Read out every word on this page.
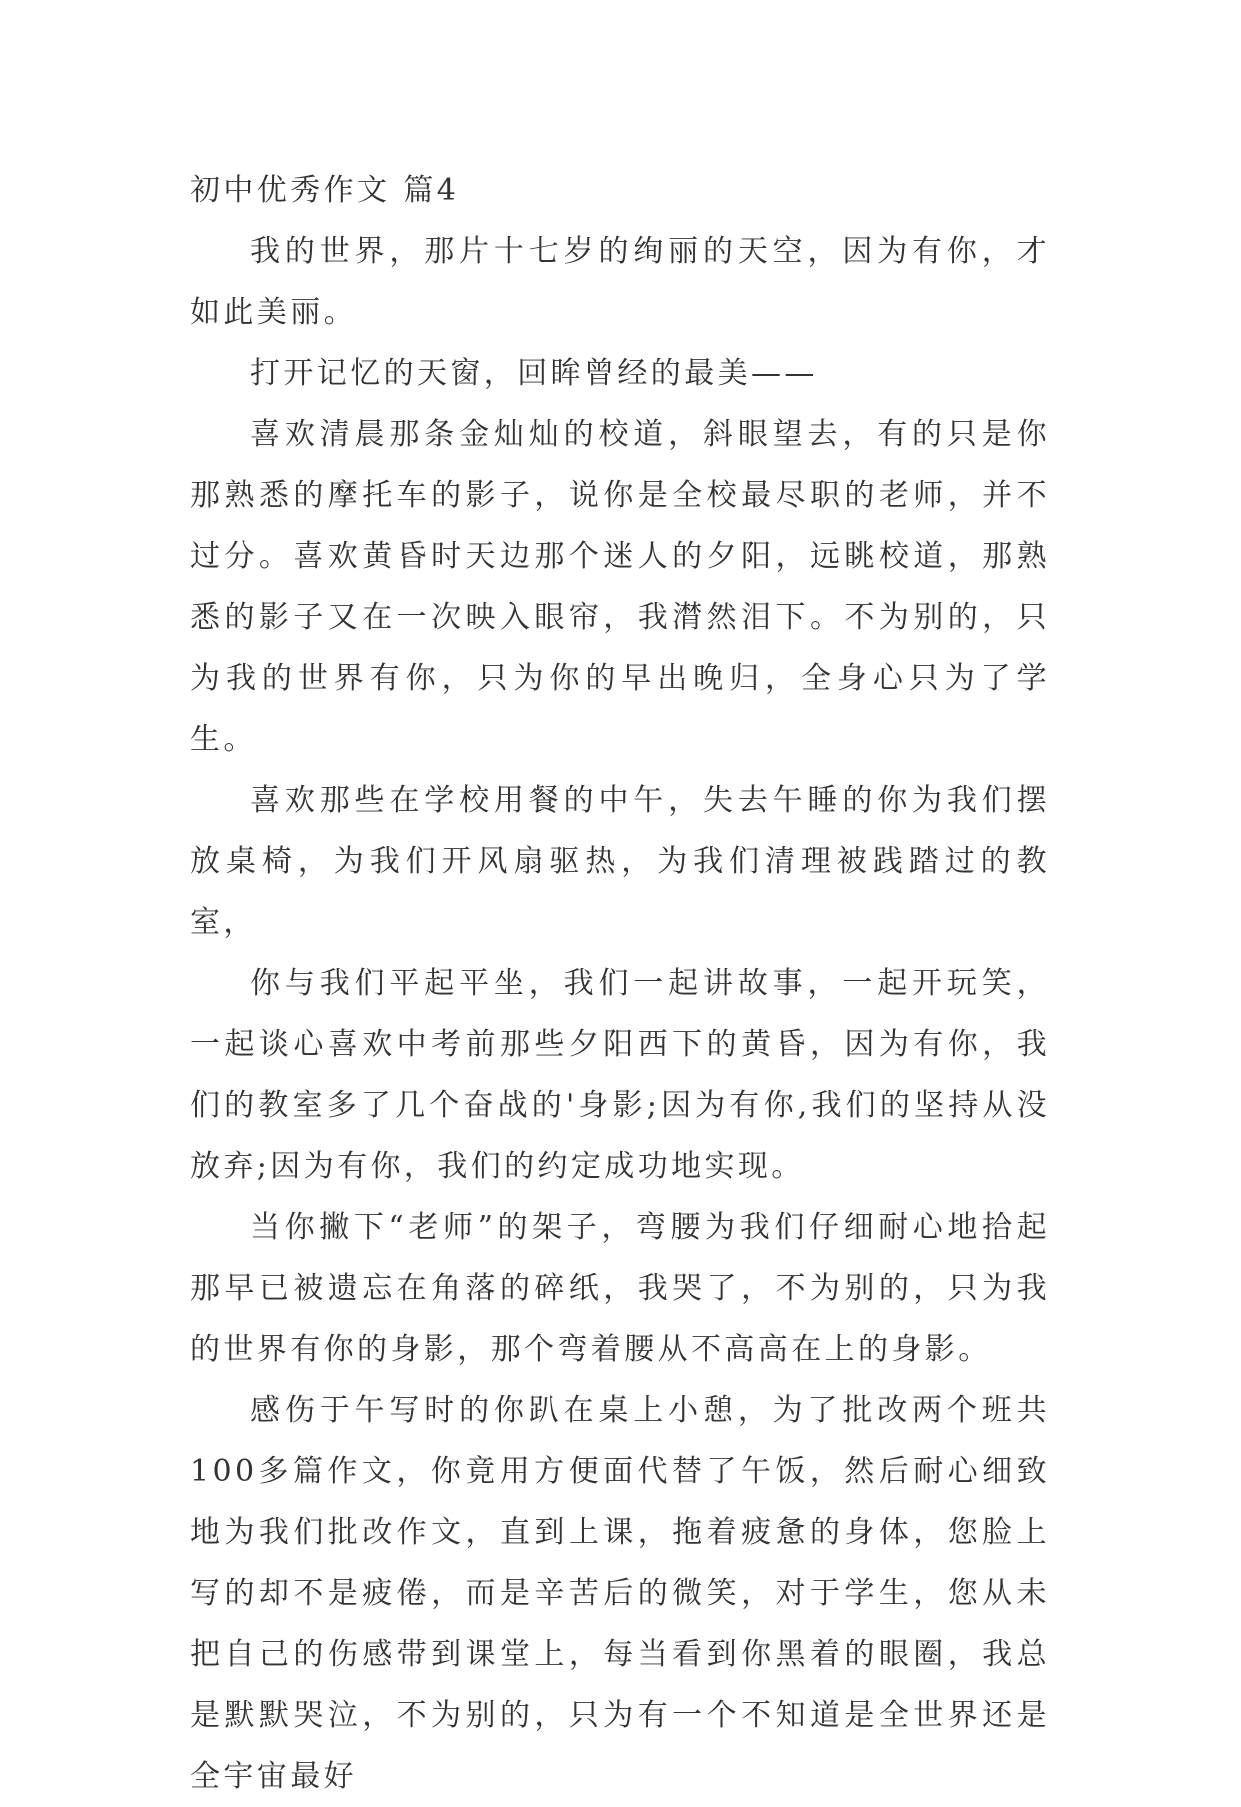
初中优秀作文 篇4

我的世界，那片十七岁的绚丽的天空，因为有你，才如此美丽。

打开记忆的天窗，回眸曾经的最美——

喜欢清晨那条金灿灿的校道，斜眼望去，有的只是你那熟悉的摩托车的影子，说你是全校最尽职的老师，并不过分。喜欢黄昏时天边那个迷人的夕阳，远眺校道，那熟悉的影子又在一次映入眼帘，我潸然泪下。不为别的，只为我的世界有你，只为你的早出晚归，全身心只为了学生。

喜欢那些在学校用餐的中午，失去午睡的你为我们摆放桌椅，为我们开风扇驱热，为我们清理被践踏过的教室，

你与我们平起平坐，我们一起讲故事，一起开玩笑，一起谈心喜欢中考前那些夕阳西下的黄昏，因为有你，我们的教室多了几个奋战的'身影;因为有你,我们的坚持从没放弃;因为有你，我们的约定成功地实现。

当你撇下“老师”的架子，弯腰为我们仔细耐心地拾起那早已被遗忘在角落的碎纸，我哭了，不为别的，只为我的世界有你的身影，那个弯着腰从不高高在上的身影。

感伤于午写时的你趴在桌上小憩，为了批改两个班共100多篇作文，你竟用方便面代替了午饭，然后耐心细致地为我们批改作文，直到上课，拖着疲惫的身体，您脸上写的却不是疲倦，而是辛苦后的微笑，对于学生，您从未把自己的伤感带到课堂上，每当看到你黑着的眼圈，我总是默默哭泣，不为别的，只为有一个不知道是全世界还是全宇宙最好
